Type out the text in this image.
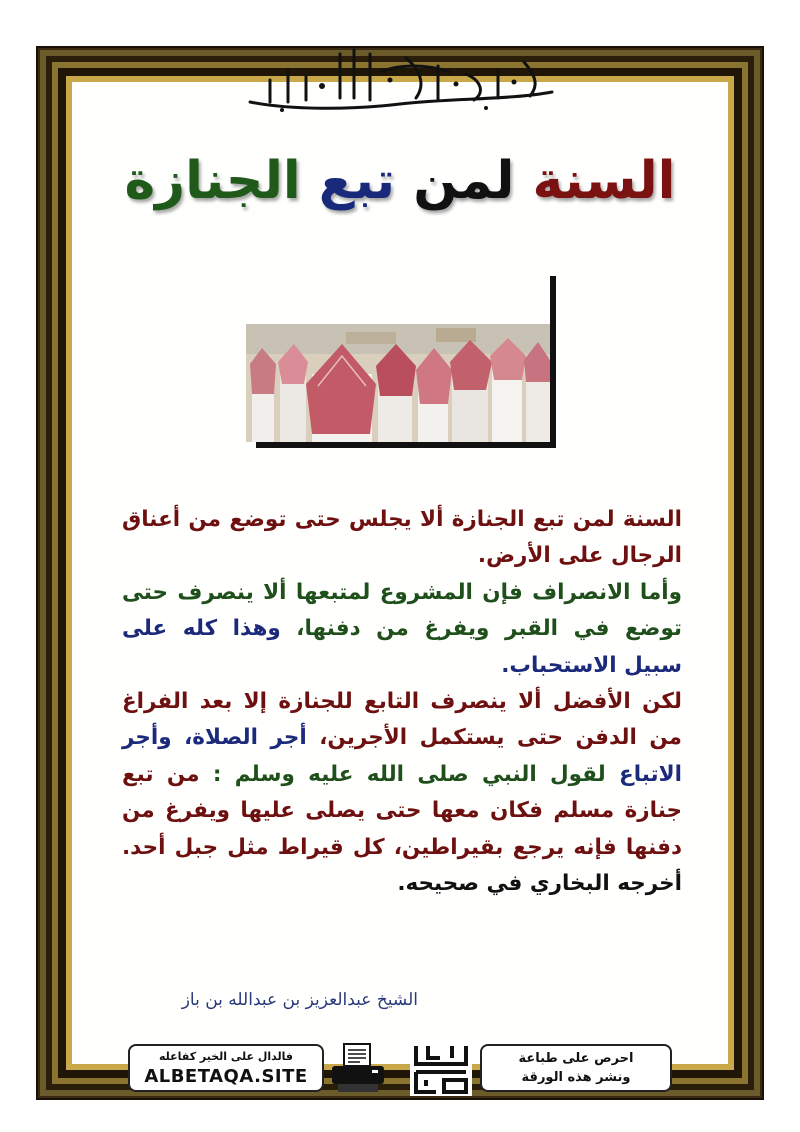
بسم الله الرحمن الرحيم
السنة لمن تبع الجنازة
السنة لمن تبع الجنازة ألا يجلس حتى توضع من أعناق الرجال على الأرض.
وأما الانصراف فإن المشروع لمتبعها ألا ينصرف حتى توضع في القبر ويفرغ من دفنها، وهذا كله على سبيل الاستحباب.
لكن الأفضل ألا ينصرف التابع للجنازة إلا بعد الفراغ من الدفن حتى يستكمل الأجرين، أجر الصلاة، وأجر الاتباع لقول النبي صلى الله عليه وسلم : من تبع جنازة مسلم فكان معها حتى يصلى عليها ويفرغ من دفنها فإنه يرجع بقيراطين، كل قيراط مثل جبل أحد. أخرجه البخاري في صحيحه.
الشيخ عبدالعزيز بن عبدالله بن باز
فالدال على الخير كفاعله
ALBETAQA.SITE
احرص على طباعة
ونشر هذه الورقة
